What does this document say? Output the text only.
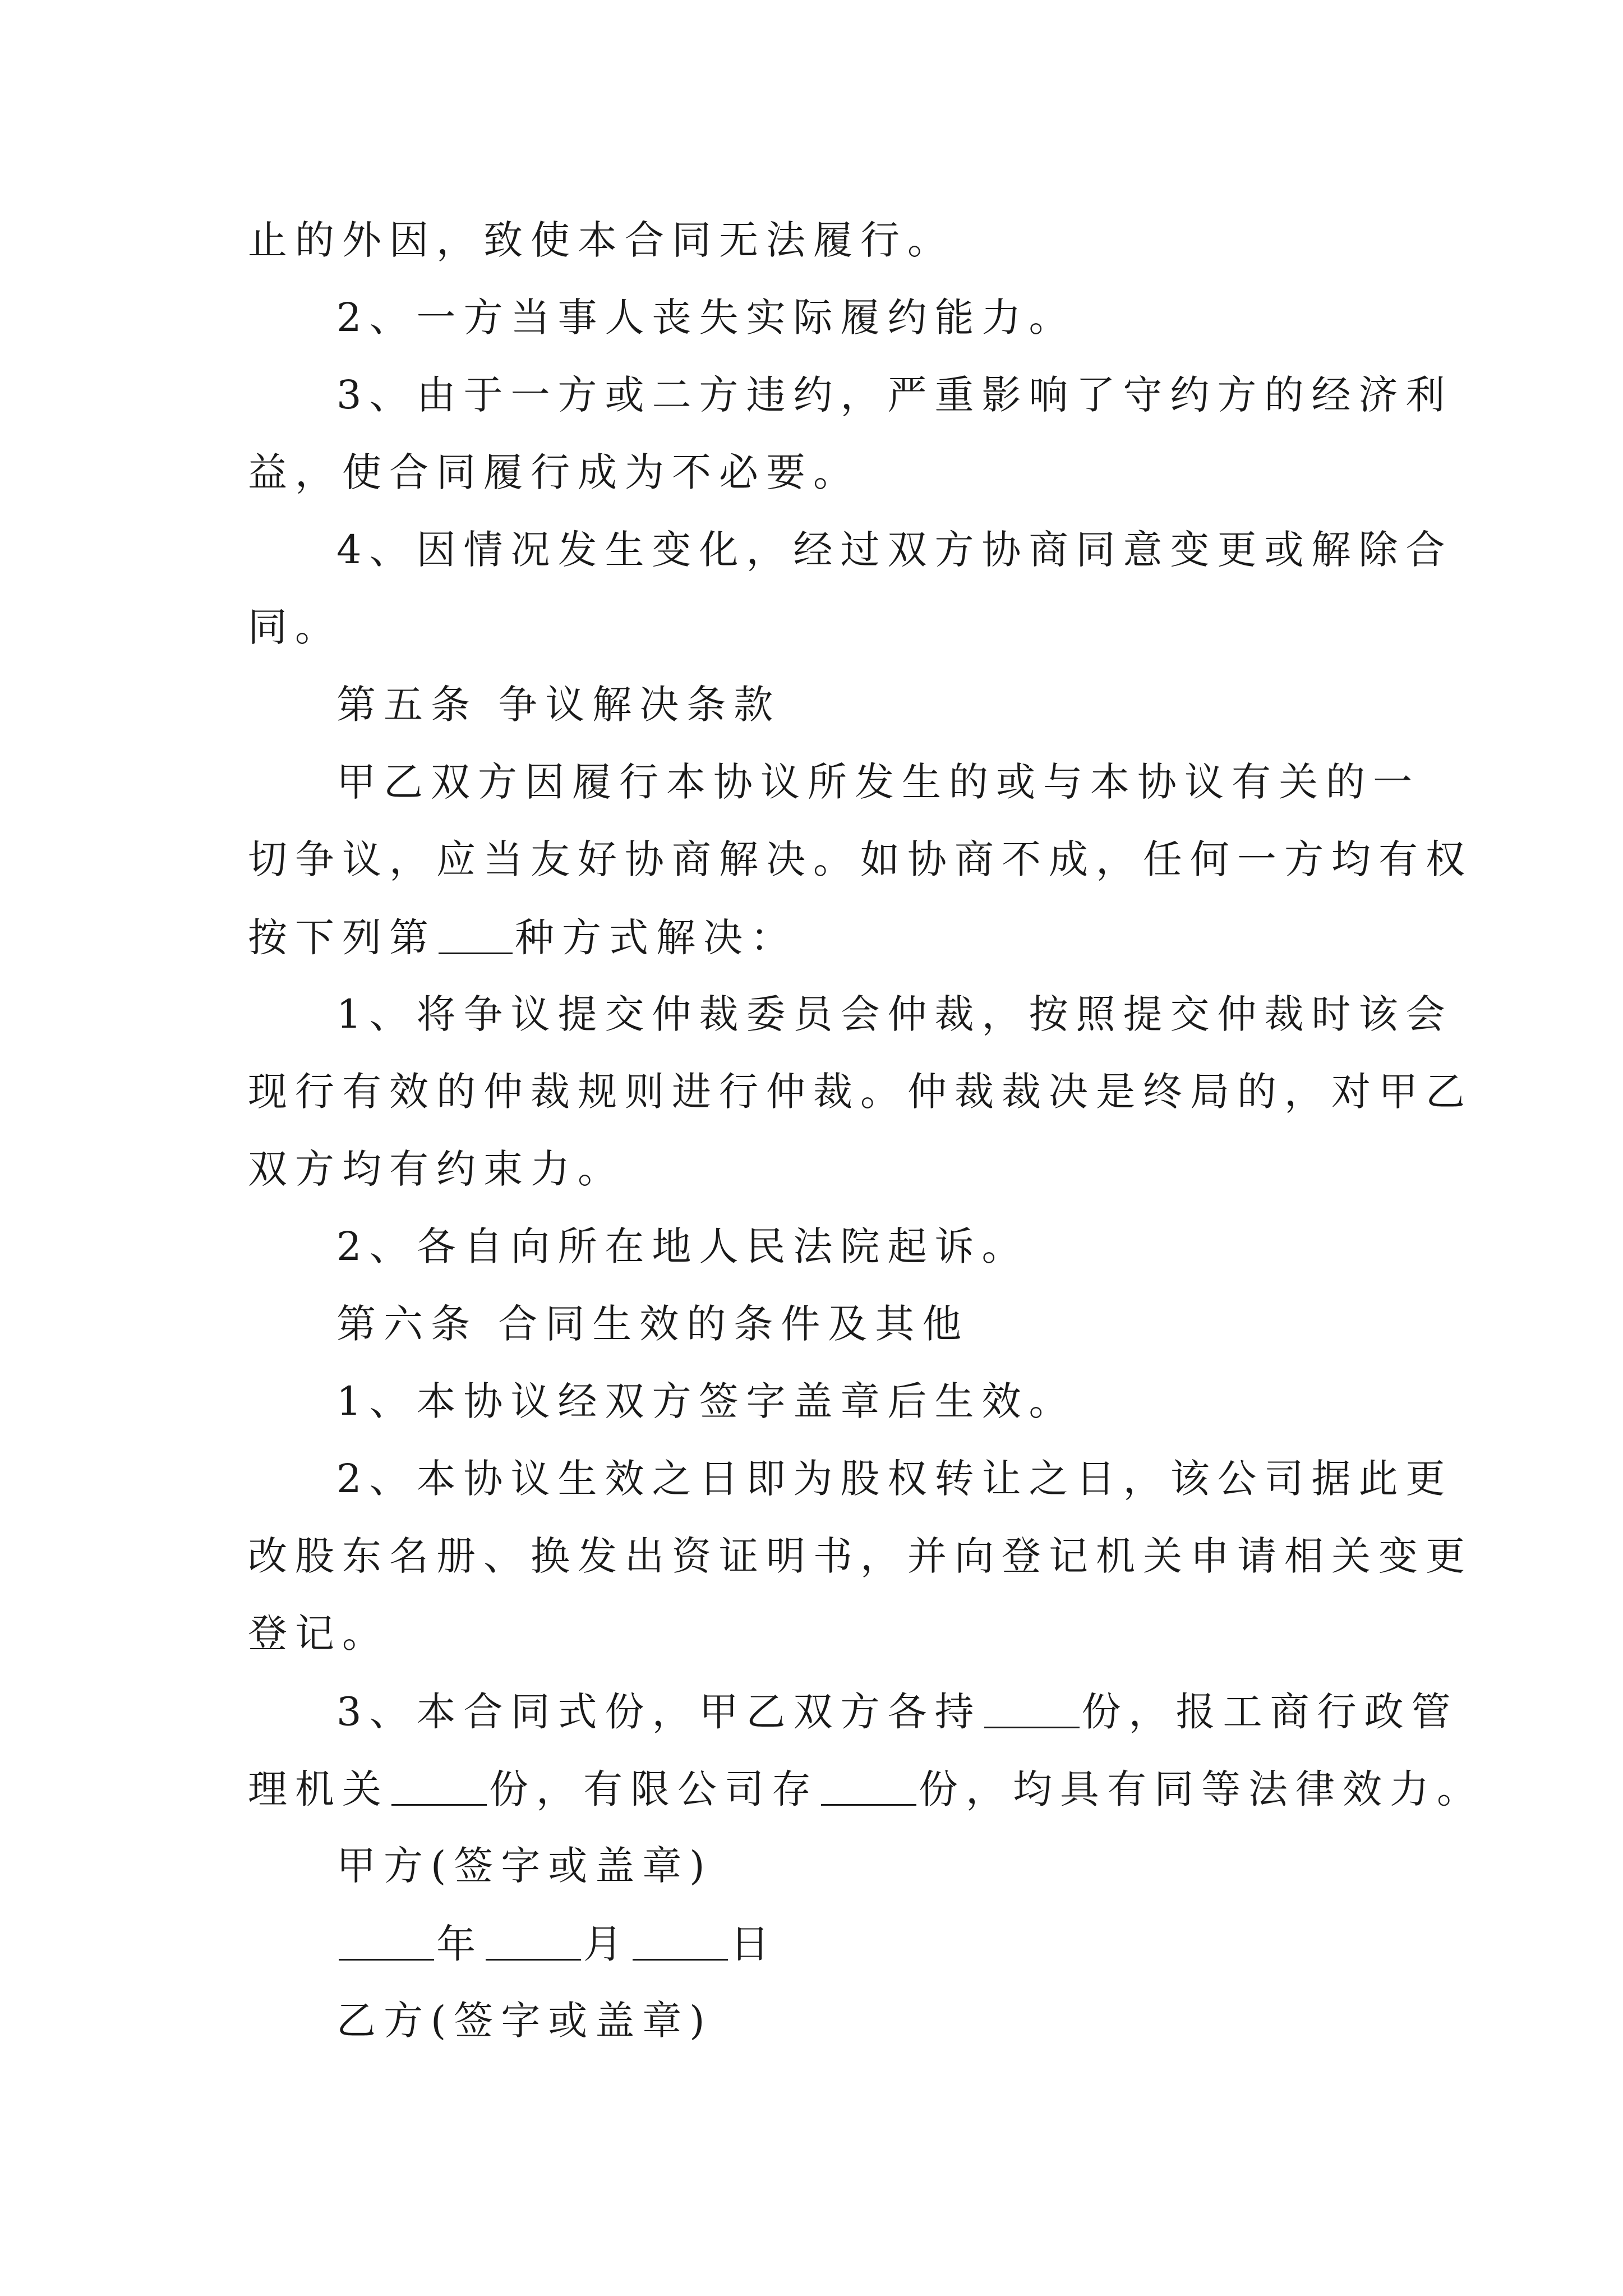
止的外因，致使本合同无法履行。
2、一方当事人丧失实际履约能力。
3、由于一方或二方违约，严重影响了守约方的经济利
益，使合同履行成为不必要。
4、因情况发生变化，经过双方协商同意变更或解除合
同。
第五条 争议解决条款
甲乙双方因履行本协议所发生的或与本协议有关的一
切争议，应当友好协商解决。如协商不成，任何一方均有权
按下列第 种方式解决：
1、将争议提交仲裁委员会仲裁，按照提交仲裁时该会
现行有效的仲裁规则进行仲裁。仲裁裁决是终局的，对甲乙
双方均有约束力。
2、各自向所在地人民法院起诉。
第六条 合同生效的条件及其他
1、本协议经双方签字盖章后生效。
2、本协议生效之日即为股权转让之日，该公司据此更
改股东名册、换发出资证明书，并向登记机关申请相关变更
登记。
3、本合同式份，甲乙双方各持	份，报工商行政管
理机关	份，有限公司存	份，均具有同等法律效力。
甲方(签字或盖章)
年	月	日
乙方(签字或盖章)
